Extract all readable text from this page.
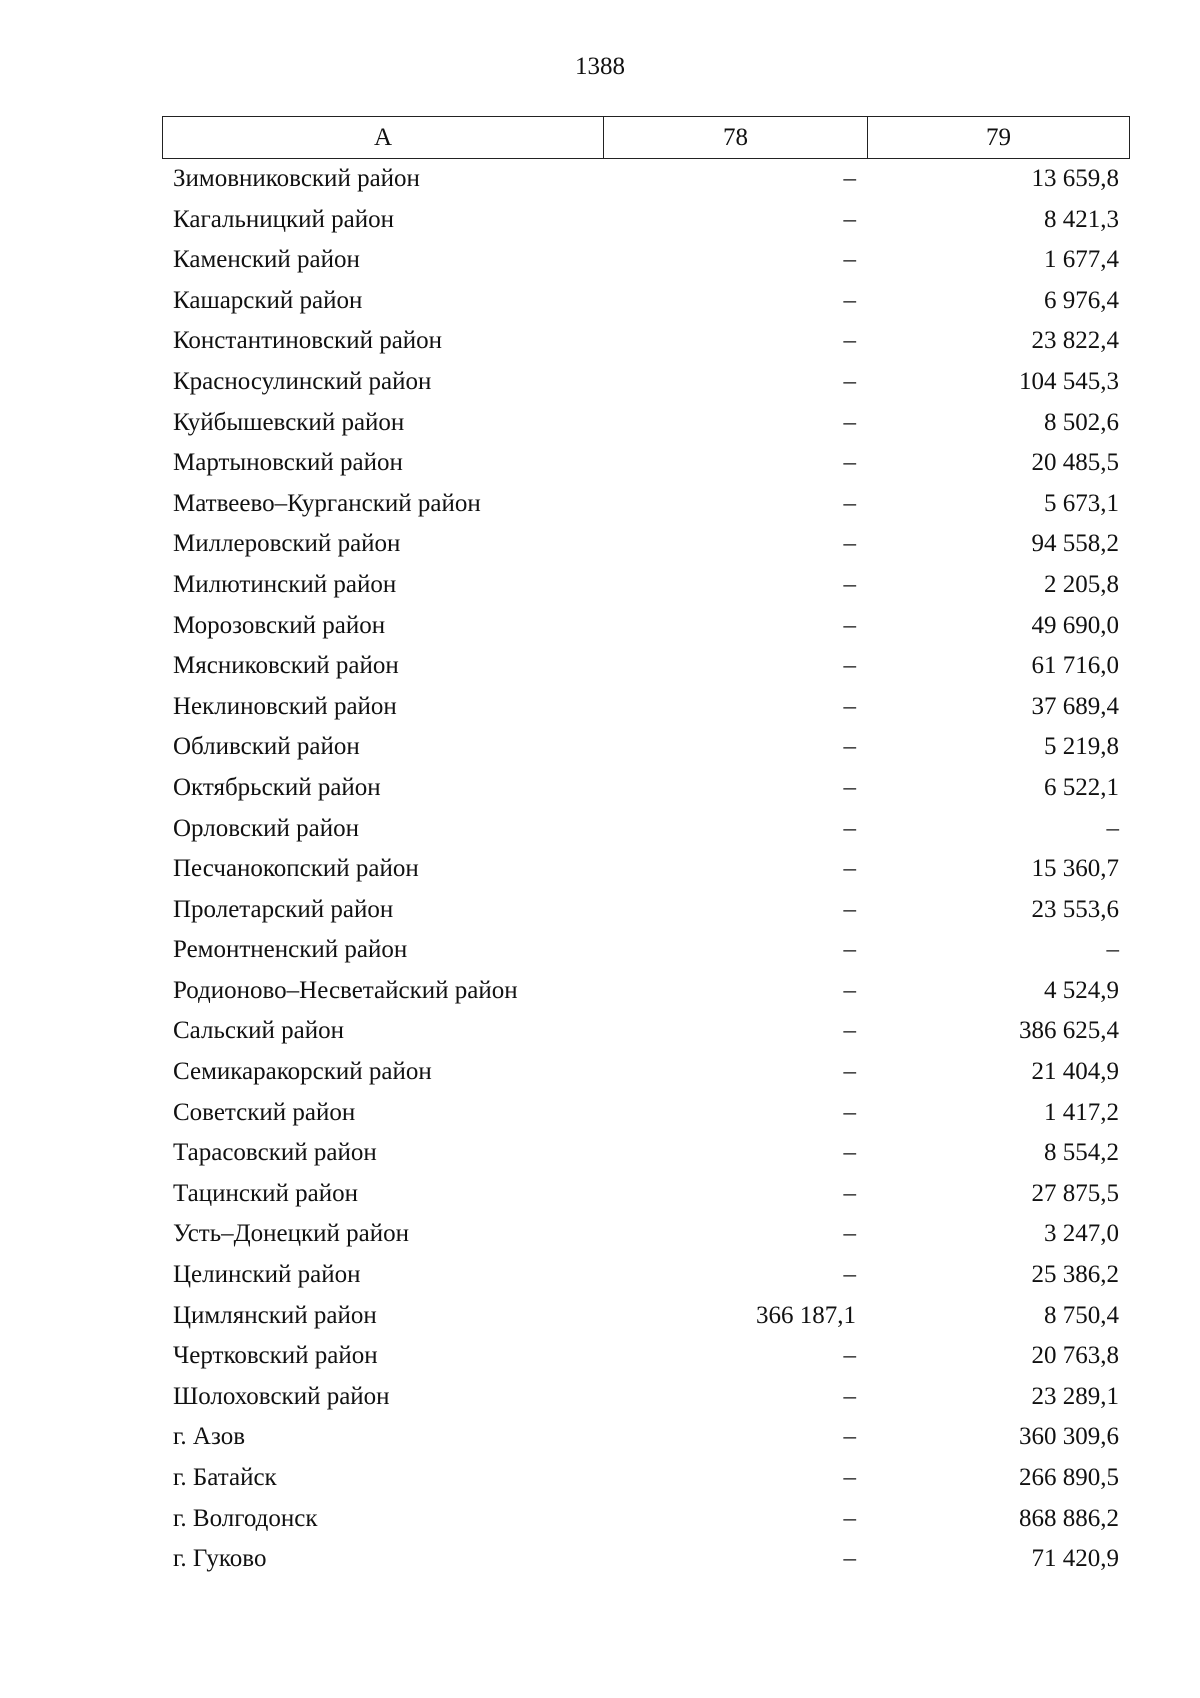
1388
А	78	79
Зимовниковский район	–	13 659,8
Кагальницкий район	–	8 421,3
Каменский район	–	1 677,4
Кашарский район	–	6 976,4
Константиновский район	–	23 822,4
Красносулинский район	–	104 545,3
Куйбышевский район	–	8 502,6
Мартыновский район	–	20 485,5
Матвеево–Курганский район	–	5 673,1
Миллеровский район	–	94 558,2
Милютинский район	–	2 205,8
Морозовский район	–	49 690,0
Мясниковский район	–	61 716,0
Неклиновский район	–	37 689,4
Обливский район	–	5 219,8
Октябрьский район	–	6 522,1
Орловский район	–	–
Песчанокопский район	–	15 360,7
Пролетарский район	–	23 553,6
Ремонтненский район	–	–
Родионово–Несветайский район	–	4 524,9
Сальский район	–	386 625,4
Семикаракорский район	–	21 404,9
Советский район	–	1 417,2
Тарасовский район	–	8 554,2
Тацинский район	–	27 875,5
Усть–Донецкий район	–	3 247,0
Целинский район	–	25 386,2
Цимлянский район	366 187,1	8 750,4
Чертковский район	–	20 763,8
Шолоховский район	–	23 289,1
г. Азов	–	360 309,6
г. Батайск	–	266 890,5
г. Волгодонск	–	868 886,2
г. Гуково	–	71 420,9
